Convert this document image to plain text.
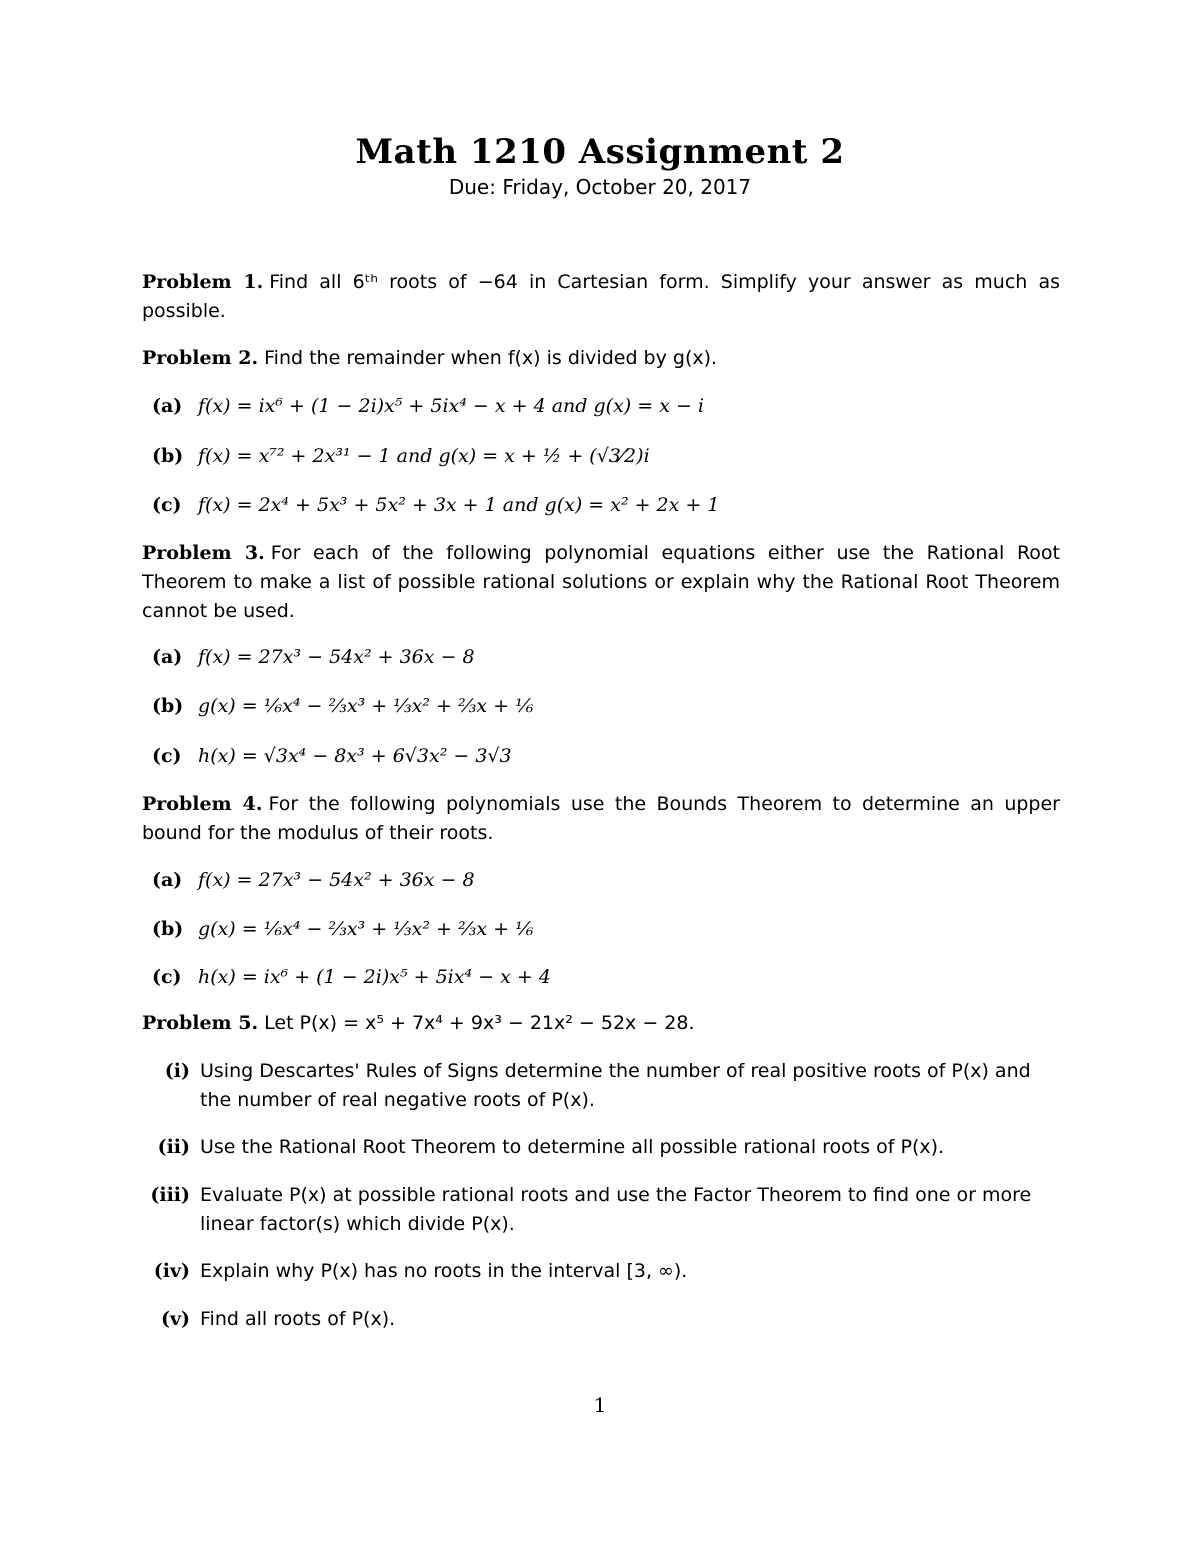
Math 1210 Assignment 2
Due: Friday, October 20, 2017
Problem 1. Find all 6ᵗʰ roots of −64 in Cartesian form. Simplify your answer as much as possible.
Problem 2. Find the remainder when f(x) is divided by g(x).
(a) f(x) = ix⁶ + (1 − 2i)x⁵ + 5ix⁴ − x + 4 and g(x) = x − i
(b) f(x) = x⁷² + 2x³¹ − 1 and g(x) = x + ½ + (√3⁄2)i
(c) f(x) = 2x⁴ + 5x³ + 5x² + 3x + 1 and g(x) = x² + 2x + 1
Problem 3. For each of the following polynomial equations either use the Rational Root Theorem to make a list of possible rational solutions or explain why the Rational Root Theorem cannot be used.
(a) f(x) = 27x³ − 54x² + 36x − 8
(b) g(x) = ⅙x⁴ − ⅔x³ + ⅓x² + ⅔x + ⅙
(c) h(x) = √3x⁴ − 8x³ + 6√3x² − 3√3
Problem 4. For the following polynomials use the Bounds Theorem to determine an upper bound for the modulus of their roots.
(a) f(x) = 27x³ − 54x² + 36x − 8
(b) g(x) = ⅙x⁴ − ⅔x³ + ⅓x² + ⅔x + ⅙
(c) h(x) = ix⁶ + (1 − 2i)x⁵ + 5ix⁴ − x + 4
Problem 5. Let P(x) = x⁵ + 7x⁴ + 9x³ − 21x² − 52x − 28.
(i) Using Descartes' Rules of Signs determine the number of real positive roots of P(x) and the number of real negative roots of P(x).
(ii) Use the Rational Root Theorem to determine all possible rational roots of P(x).
(iii) Evaluate P(x) at possible rational roots and use the Factor Theorem to find one or more linear factor(s) which divide P(x).
(iv) Explain why P(x) has no roots in the interval [3, ∞).
(v) Find all roots of P(x).
1
